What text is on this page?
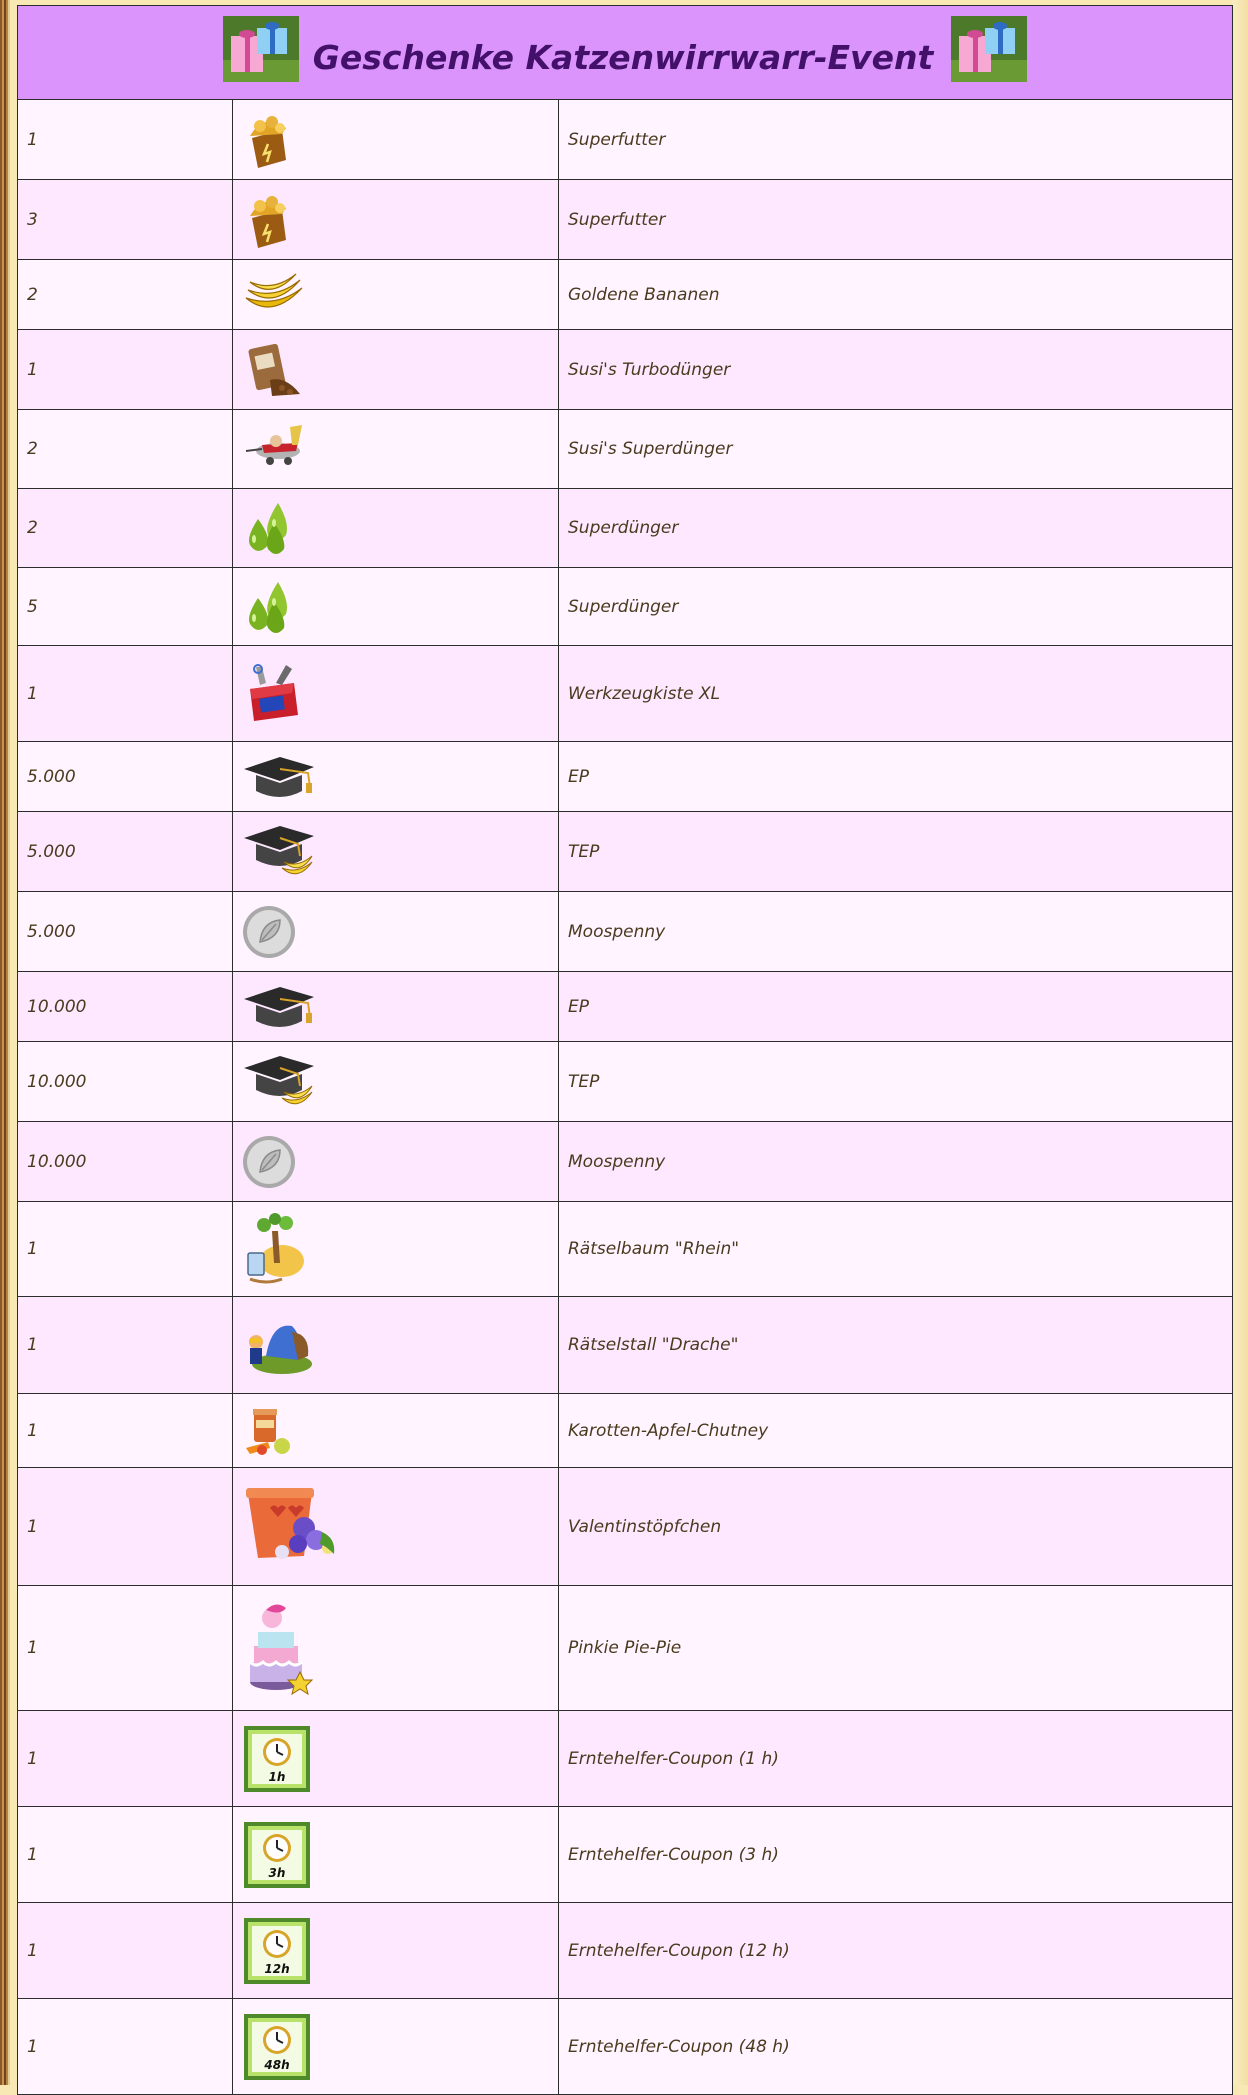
Geschenke Katzenwirrwarr-Event		

1		Superfutter
3		Superfutter
2		Goldene Bananen
1		Susi's Turbodünger
2		Susi's Superdünger
2		Superdünger
5		Superdünger
1		Werkzeugkiste XL
5.000		EP
5.000		TEP
5.000		Moospenny
10.000		EP
10.000		TEP
10.000		Moospenny
1		Rätselbaum "Rhein"
1		Rätselstall "Drache"
1		Karotten-Apfel-Chutney
1		Valentinstöpfchen
1		Pinkie Pie-Pie
1	1h	Erntehelfer-Coupon (1 h)
1	3h	Erntehelfer-Coupon (3 h)
1	12h	Erntehelfer-Coupon (12 h)
1	48h	Erntehelfer-Coupon (48 h)
